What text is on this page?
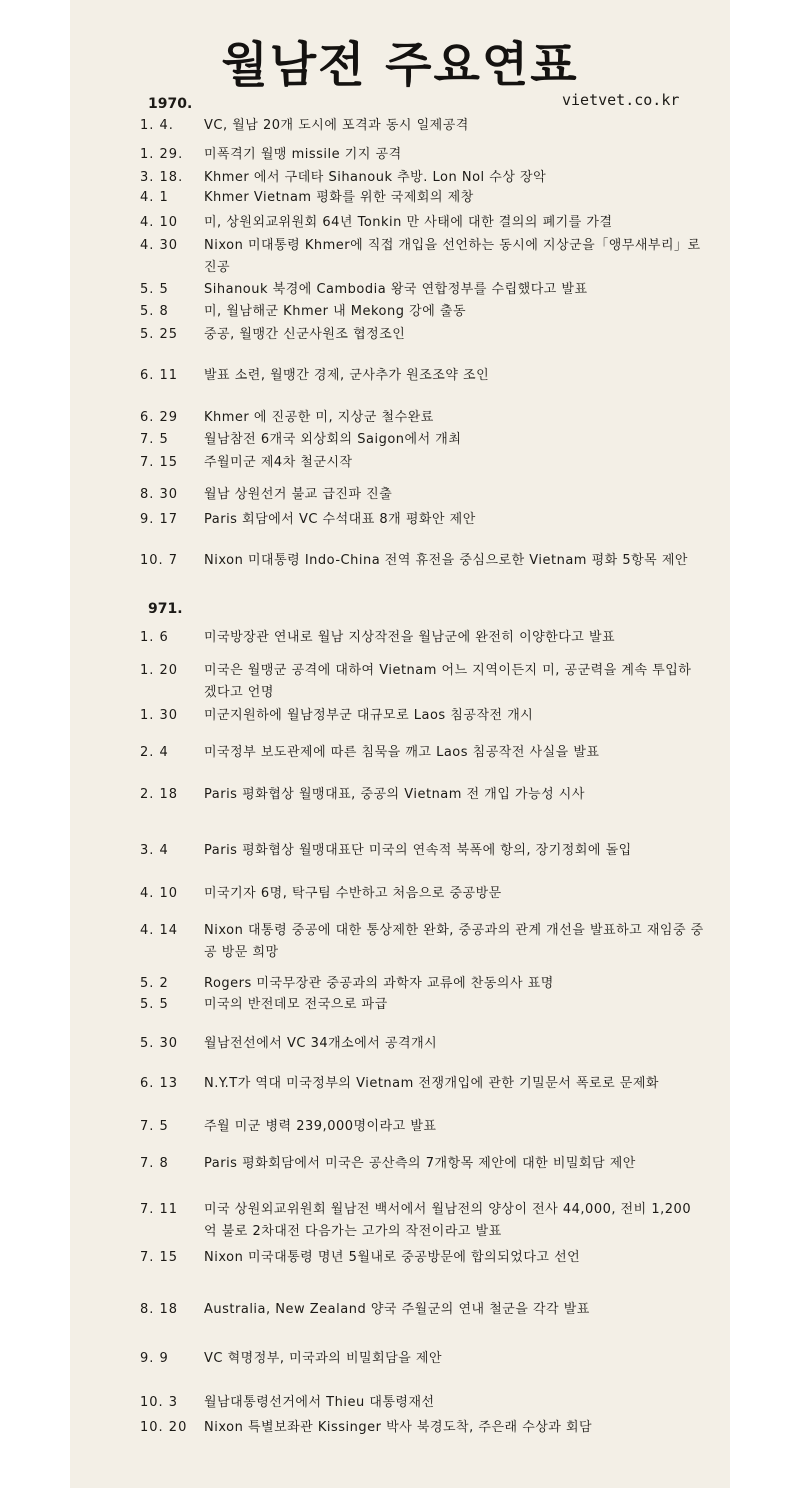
월남전 주요연표
vietvet.co.kr
1970.
1. 4.	VC, 월남 20개 도시에 포격과 동시 일제공격
1. 29.	미폭격기 월맹 missile 기지 공격
3. 18.	Khmer 에서 구데타 Sihanouk 추방. Lon Nol 수상 장악
4. 1	Khmer Vietnam 평화를 위한 국제회의 제창
4. 10	미, 상원외교위원회 64년 Tonkin 만 사태에 대한 결의의 폐기를 가결
4. 30	Nixon 미대통령 Khmer에 직접 개입을 선언하는 동시에 지상군을「앵무새부리」로 진공
5. 5	Sihanouk 북경에 Cambodia 왕국 연합정부를 수립했다고 발표
5. 8	미, 월남해군 Khmer 내 Mekong 강에 출동
5. 25	중공, 월맹간 신군사원조 협정조인
6. 11	발표 소련, 월맹간 경제, 군사추가 원조조약 조인
6. 29	Khmer 에 진공한 미, 지상군 철수완료
7. 5	월남참전 6개국 외상회의 Saigon에서 개최
7. 15	주월미군 제4차 철군시작
8. 30	월남 상원선거 불교 급진파 진출
9. 17	Paris 회담에서 VC 수석대표 8개 평화안 제안
10. 7	Nixon 미대통령 Indo-China 전역 휴전을 중심으로한 Vietnam 평화 5항목 제안
971.
1. 6	미국방장관 연내로 월남 지상작전을 월남군에 완전히 이양한다고 발표
1. 20	미국은 월맹군 공격에 대하여 Vietnam 어느 지역이든지 미, 공군력을 계속 투입하겠다고 언명
1. 30	미군지원하에 월남정부군 대규모로 Laos 침공작전 개시
2. 4	미국정부 보도관제에 따른 침묵을 깨고 Laos 침공작전 사실을 발표
2. 18	Paris 평화협상 월맹대표, 중공의 Vietnam 전 개입 가능성 시사
3. 4	Paris 평화협상 월맹대표단 미국의 연속적 북폭에 항의, 장기정회에 돌입
4. 10	미국기자 6명, 탁구팀 수반하고 처음으로 중공방문
4. 14	Nixon 대통령 중공에 대한 통상제한 완화, 중공과의 관계 개선을 발표하고 재임중 중공 방문 희망
5. 2	Rogers 미국무장관 중공과의 과학자 교류에 찬동의사 표명
5. 5	미국의 반전데모 전국으로 파급
5. 30	월남전선에서 VC 34개소에서 공격개시
6. 13	N.Y.T가 역대 미국정부의 Vietnam 전쟁개입에 관한 기밀문서 폭로로 문제화
7. 5	주월 미군 병력 239,000명이라고 발표
7. 8	Paris 평화회담에서 미국은 공산측의 7개항목 제안에 대한 비밀회담 제안
7. 11	미국 상원외교위원회 월남전 백서에서 월남전의 양상이 전사 44,000, 전비 1,200억 불로 2차대전 다음가는 고가의 작전이라고 발표
7. 15	Nixon 미국대통령 명년 5월내로 중공방문에 합의되었다고 선언
8. 18	Australia, New Zealand 양국 주월군의 연내 철군을 각각 발표
9. 9	VC 혁명정부, 미국과의 비밀회담을 제안
10. 3	월남대통령선거에서 Thieu 대통령재선
10. 20	Nixon 특별보좌관 Kissinger 박사 북경도착, 주은래 수상과 회담
